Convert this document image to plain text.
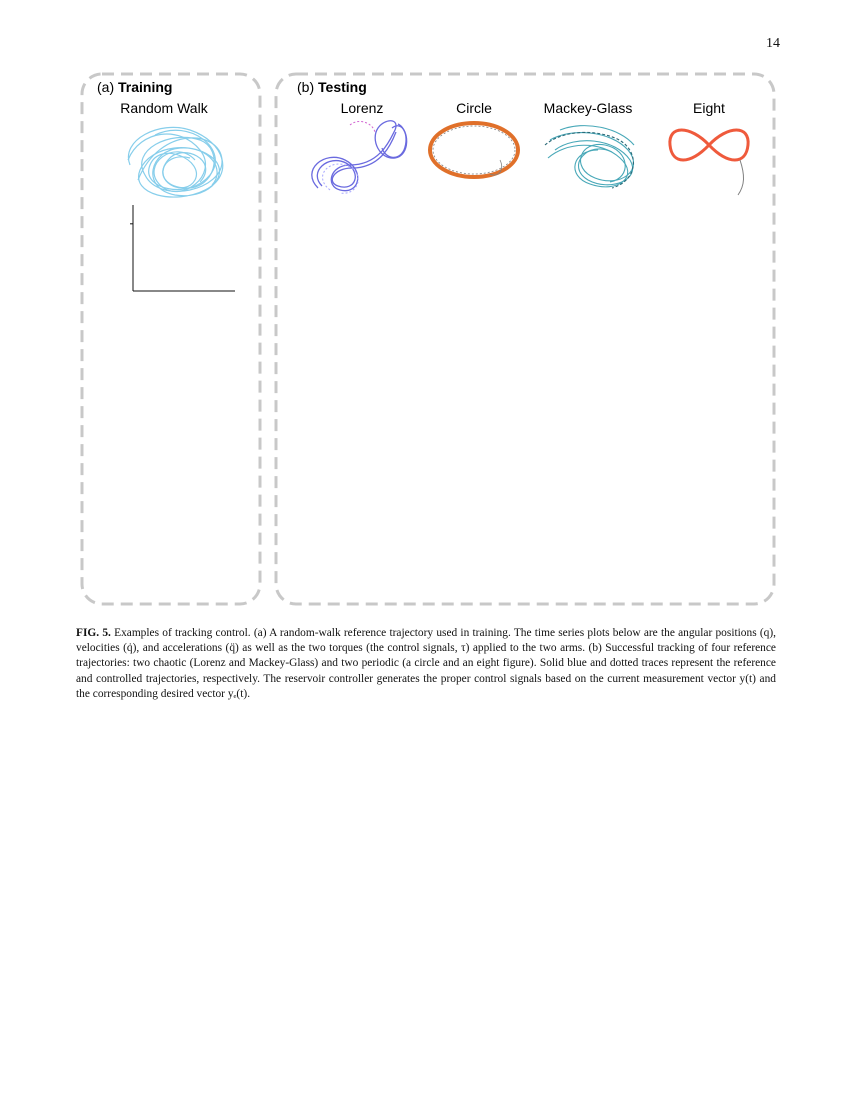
14
(a) Training	(b) Testing
Random Walk	Lorenz	Circle	Mackey-Glass	Eight
FIG. 5. Examples of tracking control. (a) A random-walk reference trajectory used in training. The time series plots below are the angular positions (q), velocities (q̇), and accelerations (q̈) as well as the two torques (the control signals, τ) applied to the two arms. (b) Successful tracking of four reference trajectories: two chaotic (Lorenz and Mackey-Glass) and two periodic (a circle and an eight figure). Solid blue and dotted traces represent the reference and controlled trajectories, respectively. The reservoir controller generates the proper control signals based on the current measurement vector y(t) and the corresponding desired vector yₑ(t).
